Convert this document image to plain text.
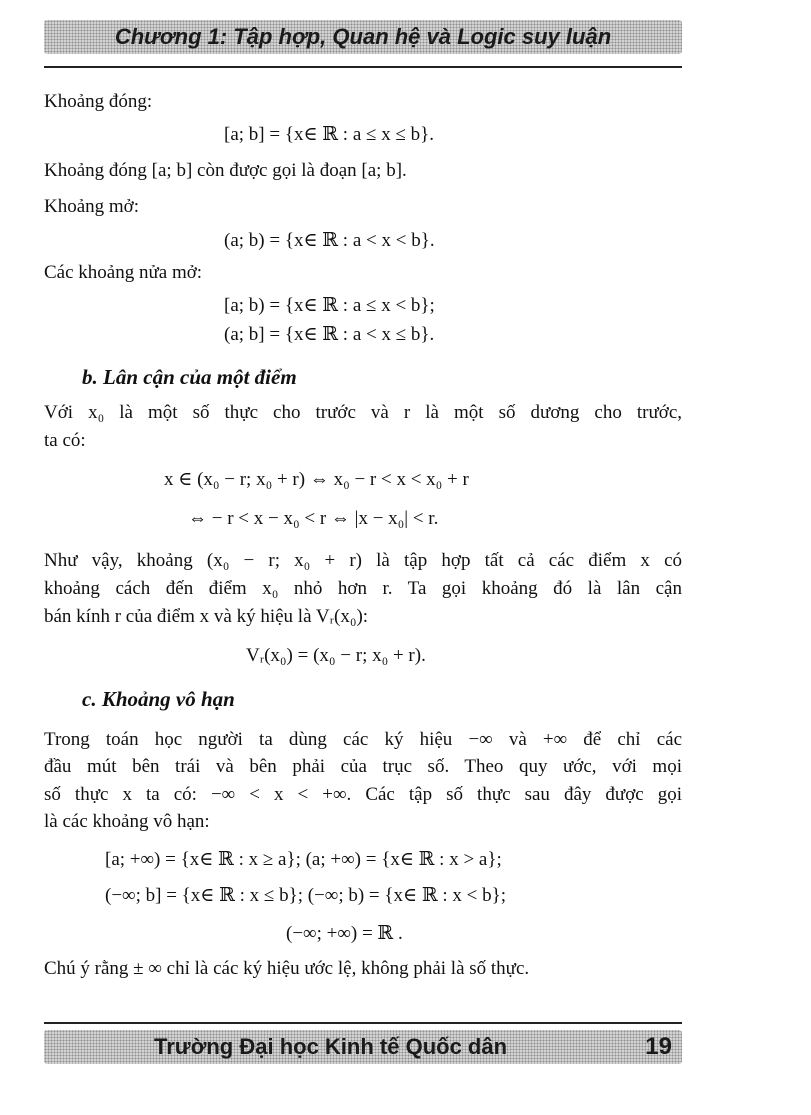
Chương 1: Tập hợp, Quan hệ và Logic suy luận
Khoảng đóng:
[a; b] = {x∈ ℝ : a ≤ x ≤ b}.
Khoảng đóng [a; b] còn được gọi là đoạn [a; b].
Khoảng mở:
(a; b) = {x∈ ℝ : a < x < b}.
Các khoảng nửa mở:
[a; b) = {x∈ ℝ : a ≤ x < b};
(a; b] = {x∈ ℝ : a < x ≤ b}.
b. Lân cận của một điểm
Với x₀ là một số thực cho trước và r là một số dương cho trước,
ta có:
x ∈ (x₀ − r; x₀ + r) ⇔ x₀ − r < x < x₀ + r
⇔ − r < x − x₀ < r ⇔ |x − x₀| < r.
Như vậy, khoảng (x₀ − r; x₀ + r) là tập hợp tất cả các điểm x có
khoảng cách đến điểm x₀ nhỏ hơn r. Ta gọi khoảng đó là lân cận
bán kính r của điểm x và ký hiệu là Vᵣ(x₀):
Vᵣ(x₀) = (x₀ − r; x₀ + r).
c. Khoảng vô hạn
Trong toán học người ta dùng các ký hiệu −∞ và +∞ để chỉ các
đầu mút bên trái và bên phải của trục số. Theo quy ước, với mọi
số thực x ta có: −∞ < x < +∞. Các tập số thực sau đây được gọi
là các khoảng vô hạn:
[a; +∞) = {x∈ ℝ : x ≥ a}; (a; +∞) = {x∈ ℝ : x > a};
(−∞; b] = {x∈ ℝ : x ≤ b}; (−∞; b) = {x∈ ℝ : x < b};
(−∞; +∞) = ℝ .
Chú ý rằng ± ∞ chỉ là các ký hiệu ước lệ, không phải là số thực.
Trường Đại học Kinh tế Quốc dân	19
